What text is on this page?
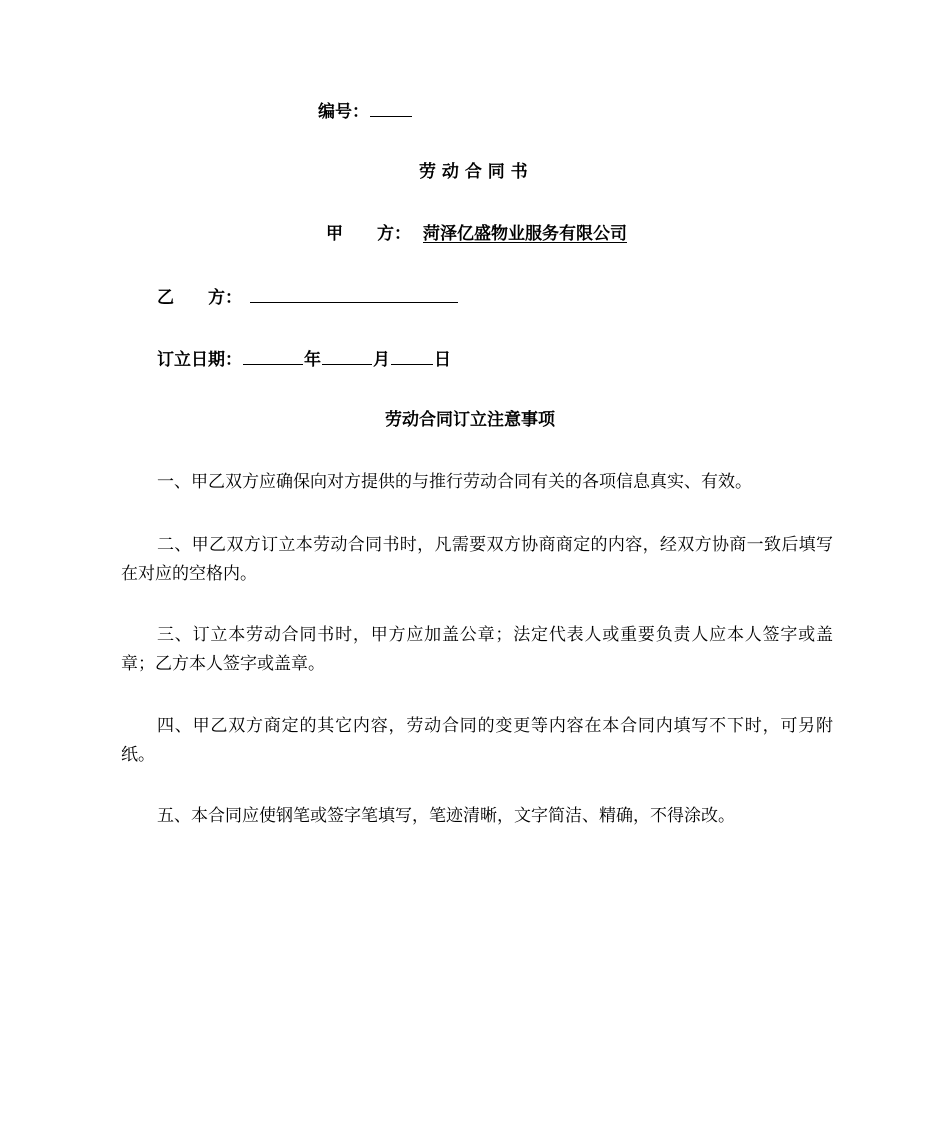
编号：
劳 动 合 同 书
甲　　方： 菏泽亿盛物业服务有限公司
乙　　方：
订立日期：	年	月	日
劳动合同订立注意事项
一、甲乙双方应确保向对方提供的与推行劳动合同有关的各项信息真实、有效。
二、甲乙双方订立本劳动合同书时，凡需要双方协商商定的内容，经双方协商一致后填写在对应的空格内。
三、订立本劳动合同书时，甲方应加盖公章；法定代表人或重要负责人应本人签字或盖章；乙方本人签字或盖章。
四、甲乙双方商定的其它内容，劳动合同的变更等内容在本合同内填写不下时，可另附纸。
五、本合同应使钢笔或签字笔填写，笔迹清晰，文字简洁、精确，不得涂改。
